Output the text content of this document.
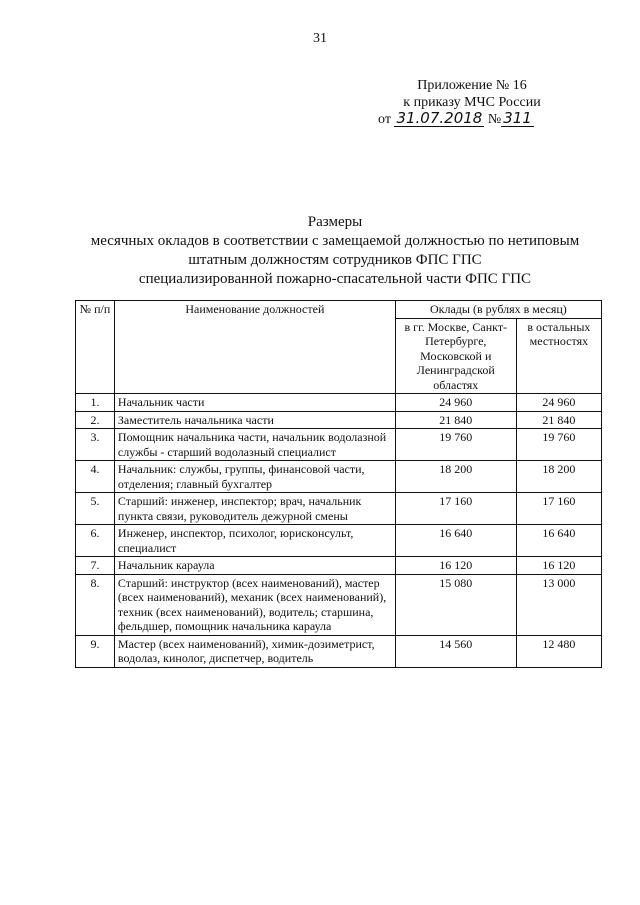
31
Приложение № 16
к приказу МЧС России
от 31.07.2018 № 311
Размеры
месячных окладов в соответствии с замещаемой должностью по нетиповым
штатным должностям сотрудников ФПС ГПС
специализированной пожарно-спасательной части ФПС ГПС
№ п/п	Наименование должностей	Оклады (в рублях в месяц)	
		в гг. Москве, Санкт-Петербурге, Московской и Ленинградской областях	в остальных местностях
1.	Начальник части	24 960	24 960
2.	Заместитель начальника части	21 840	21 840
3.	Помощник начальника части, начальник водолазной службы - старший водолазный специалист	19 760	19 760
4.	Начальник: службы, группы, финансовой части, отделения; главный бухгалтер	18 200	18 200
5.	Старший: инженер, инспектор; врач, начальник пункта связи, руководитель дежурной смены	17 160	17 160
6.	Инженер, инспектор, психолог, юрисконсульт, специалист	16 640	16 640
7.	Начальник караула	16 120	16 120
8.	Старший: инструктор (всех наименований), мастер (всех наименований), механик (всех наименований), техник (всех наименований), водитель; старшина, фельдшер, помощник начальника караула	15 080	13 000
9.	Мастер (всех наименований), химик-дозиметрист, водолаз, кинолог, диспетчер, водитель	14 560	12 480
